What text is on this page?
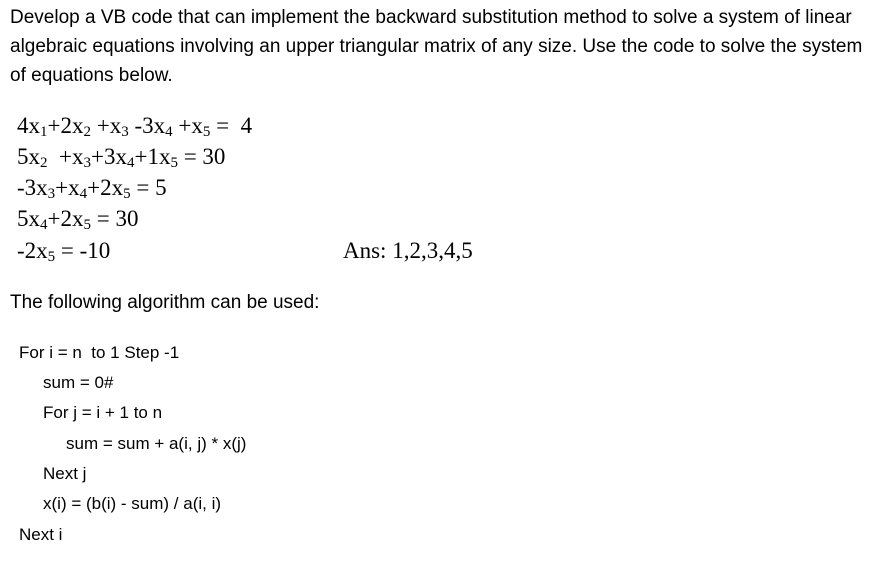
Develop a VB code that can implement the backward substitution method to solve a system of linear algebraic equations involving an upper triangular matrix of any size. Use the code to solve the system of equations below.
$4x_1+2x_2 +x_3$ $-3x_4 +x_5 = 4$
$5x_2 +x_3+3x_4+1x_5 = 30$
$-3x_3+x_4+2x_5 = 5$
$5x_4+2x_5 = 30$
$-2x_5 = -10$	Ans: 1,2,3,4,5
The following algorithm can be used:
For i = n  to 1 Step -1
sum = 0#
For j = i + 1 to n
sum = sum + a(i, j) * x(j)
Next j
x(i) = (b(i) - sum) / a(i, i)
Next i
